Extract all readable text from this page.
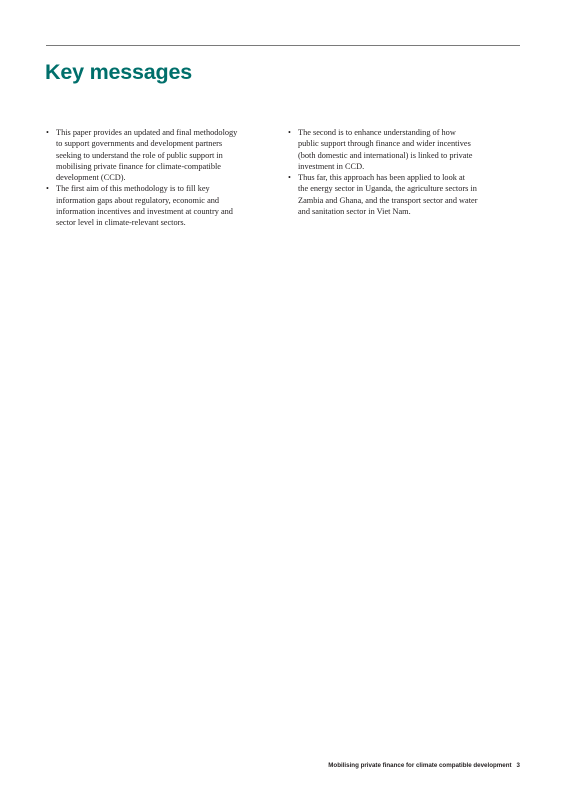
Key messages
• This paper provides an updated and final methodology
to support governments and development partners
seeking to understand the role of public support in
mobilising private finance for climate-compatible
development (CCD).
• The first aim of this methodology is to fill key
information gaps about regulatory, economic and
information incentives and investment at country and
sector level in climate-relevant sectors.
• The second is to enhance understanding of how
public support through finance and wider incentives
(both domestic and international) is linked to private
investment in CCD.
• Thus far, this approach has been applied to look at
the energy sector in Uganda, the agriculture sectors in
Zambia and Ghana, and the transport sector and water
and sanitation sector in Viet Nam.
Mobilising private finance for climate compatible development 3
